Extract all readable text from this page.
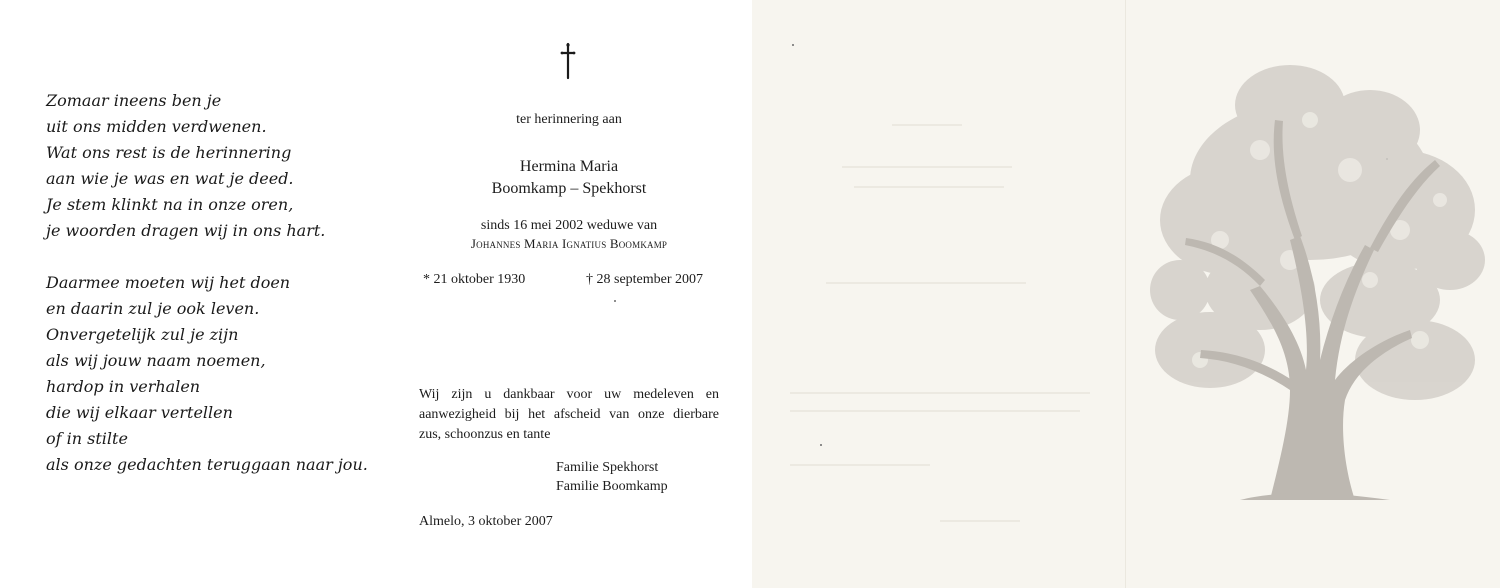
Zomaar ineens ben je
uit ons midden verdwenen.
Wat ons rest is de herinnering
aan wie je was en wat je deed.
Je stem klinkt na in onze oren,
je woorden dragen wij in ons hart.
Daarmee moeten wij het doen
en daarin zul je ook leven.
Onvergetelijk zul je zijn
als wij jouw naam noemen,
hardop in verhalen
die wij elkaar vertellen
of in stilte
als onze gedachten teruggaan naar jou.
ter herinnering aan
Hermina Maria
Boomkamp – Spekhorst
sinds 16 mei 2002 weduwe van
Johannes Maria Ignatius Boomkamp
* 21 oktober 1930	† 28 september 2007
Wij zijn u dankbaar voor uw medeleven en
aanwezigheid bij het afscheid van onze dierbare
zus, schoonzus en tante
Familie Spekhorst
Familie Boomkamp
Almelo, 3 oktober 2007
